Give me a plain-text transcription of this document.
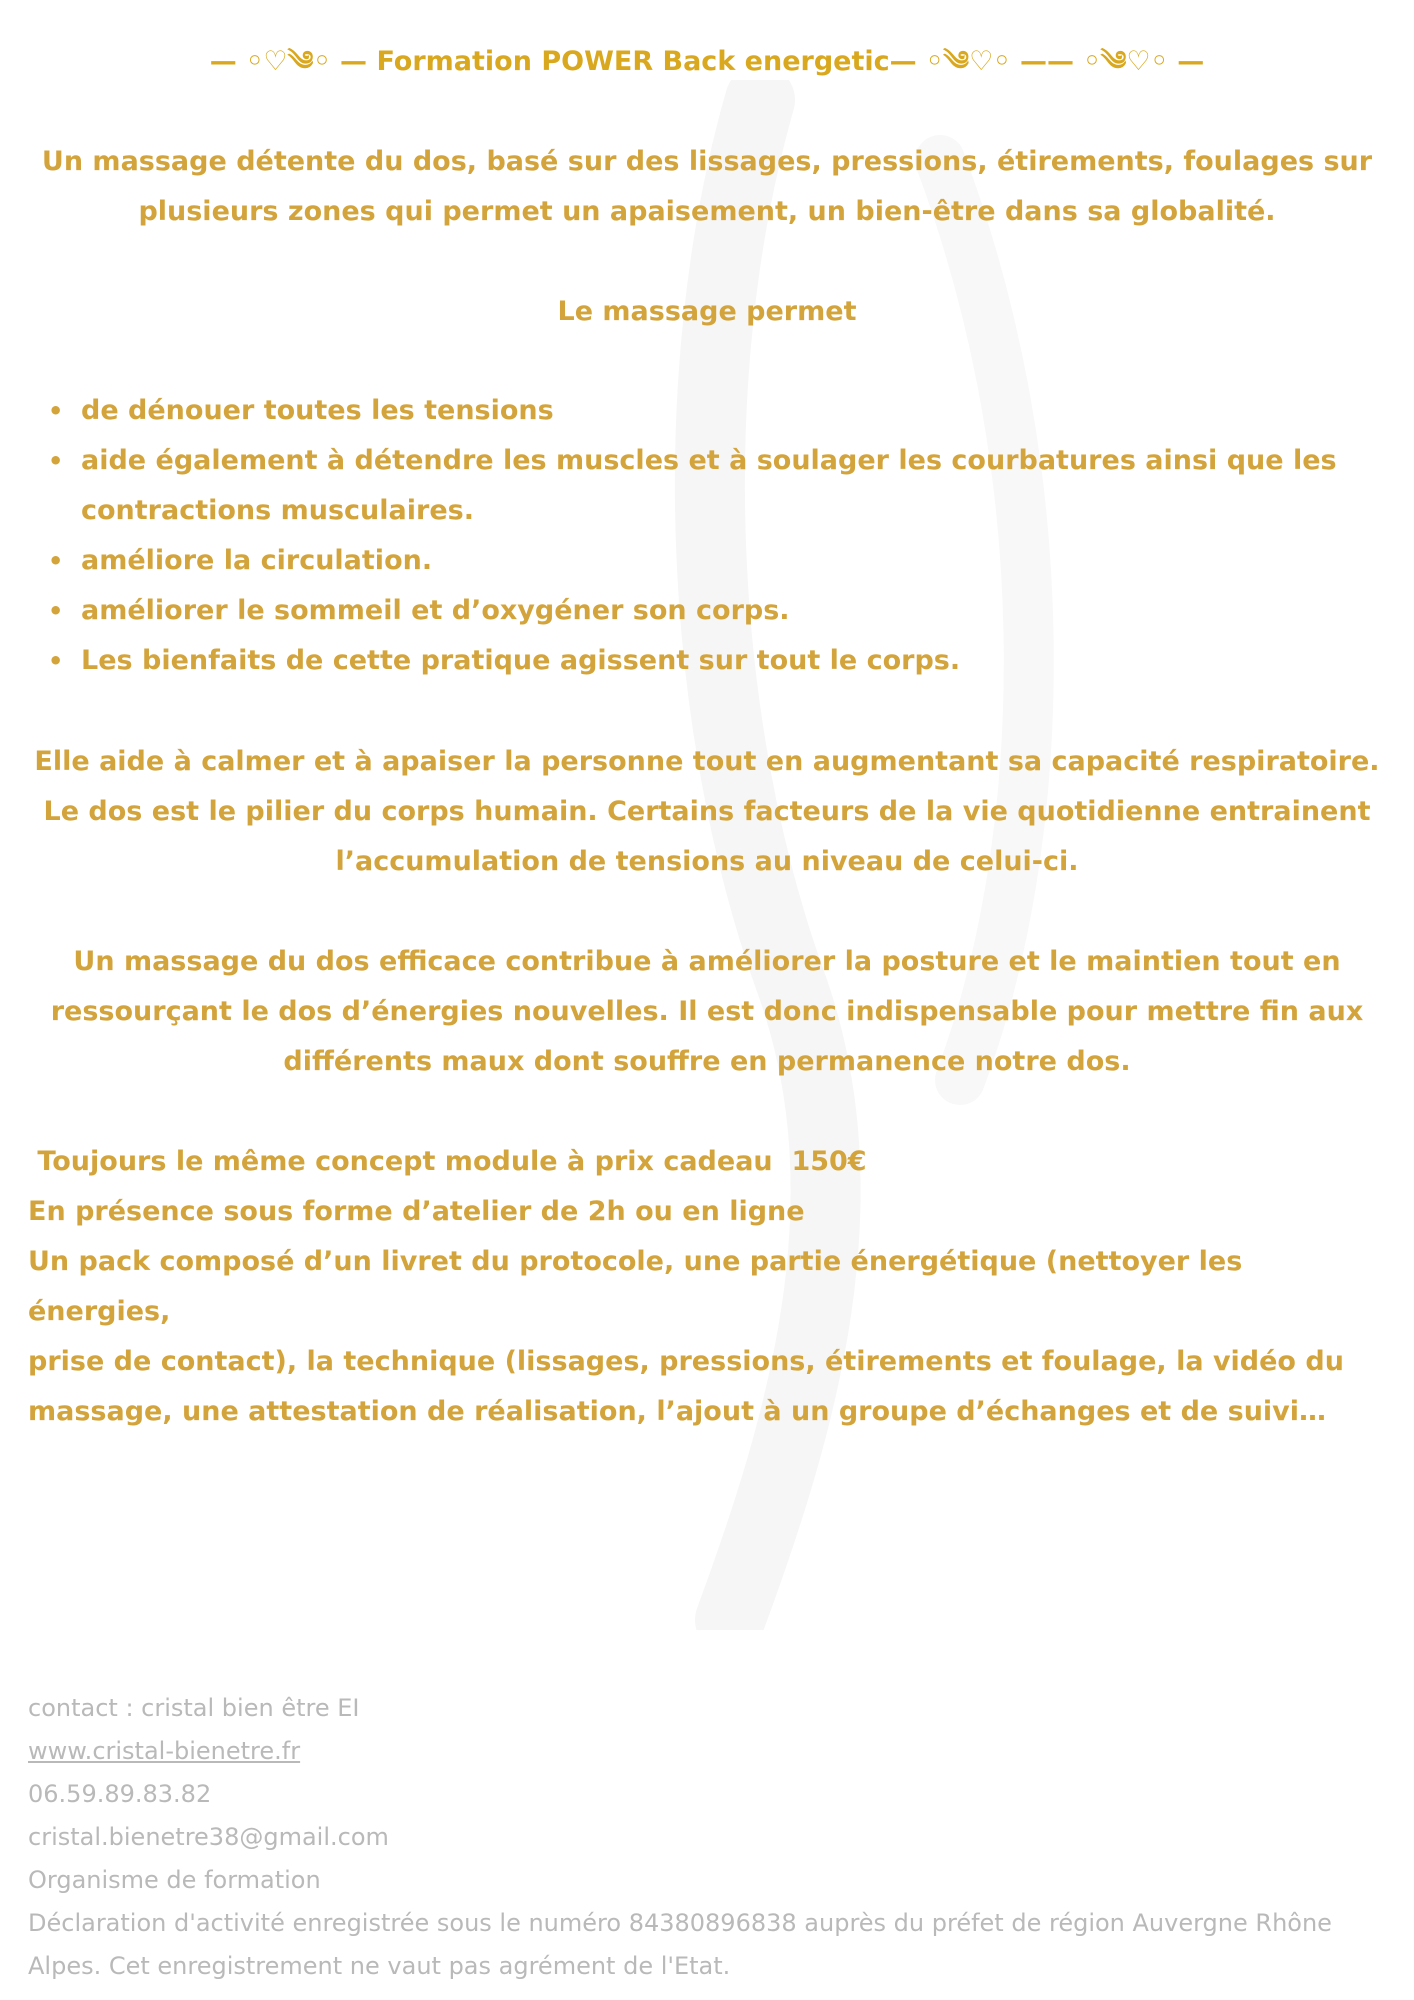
— ◦♡༄◦ — Formation POWER Back energetic— ◦༄♡◦ —— ◦༄♡◦ —
Un massage détente du dos, basé sur des lissages, pressions, étirements, foulages sur
plusieurs zones qui permet un apaisement, un bien-être dans sa globalité.
Le massage permet
• de dénouer toutes les tensions
• aide également à détendre les muscles et à soulager les courbatures ainsi que les contractions musculaires.
• améliore la circulation.
• améliorer le sommeil et d’oxygéner son corps.
• Les bienfaits de cette pratique agissent sur tout le corps.
Elle aide à calmer et à apaiser la personne tout en augmentant sa capacité respiratoire.
Le dos est le pilier du corps humain. Certains facteurs de la vie quotidienne entrainent
l’accumulation de tensions au niveau de celui-ci.
Un massage du dos efficace contribue à améliorer la posture et le maintien tout en
ressourçant le dos d’énergies nouvelles. Il est donc indispensable pour mettre fin aux
différents maux dont souffre en permanence notre dos.
Toujours le même concept module à prix cadeau  150€
En présence sous forme d’atelier de 2h ou en ligne
Un pack composé d’un livret du protocole, une partie énergétique (nettoyer les énergies,
prise de contact), la technique (lissages, pressions, étirements et foulage, la vidéo du
massage, une attestation de réalisation, l’ajout à un groupe d’échanges et de suivi…
contact : cristal bien être EI
www.cristal-bienetre.fr
06.59.89.83.82
cristal.bienetre38@gmail.com
Organisme de formation
Déclaration d'activité enregistrée sous le numéro 84380896838 auprès du préfet de région Auvergne Rhône
Alpes. Cet enregistrement ne vaut pas agrément de l'Etat.
